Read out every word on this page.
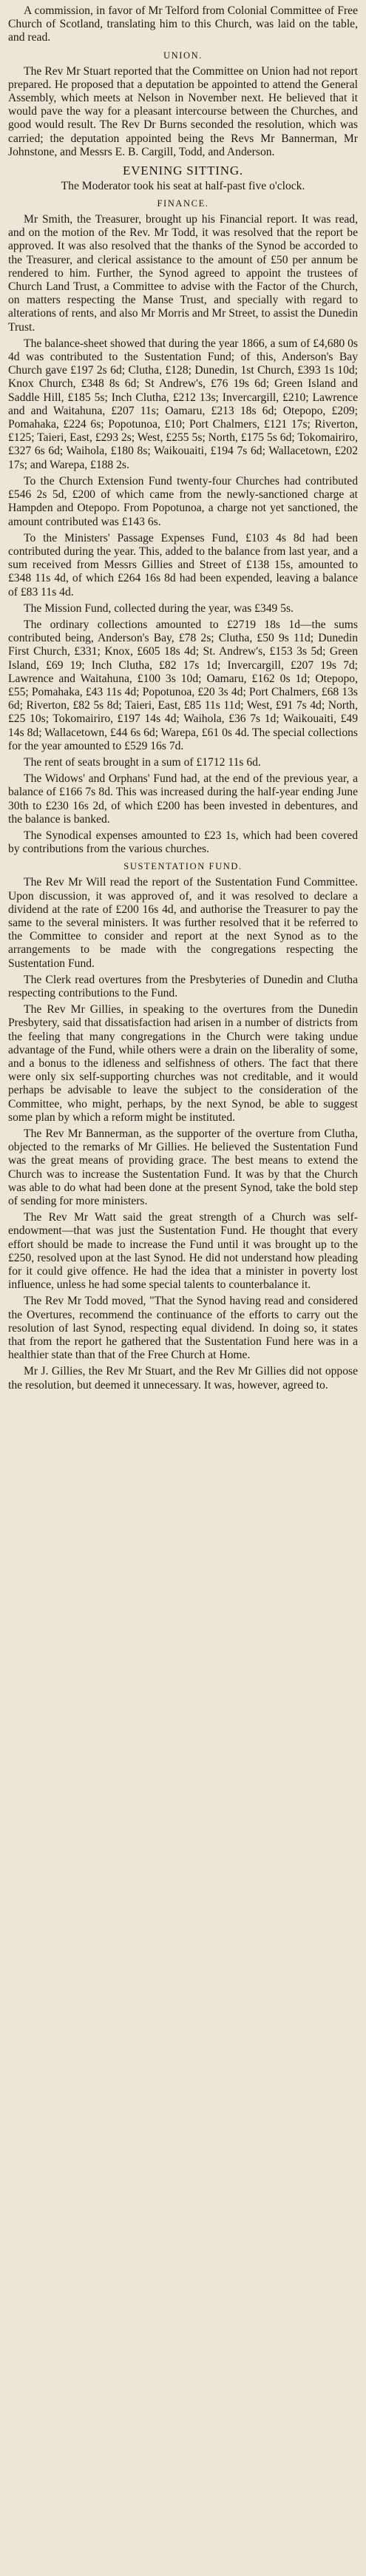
A commission, in favor of Mr Telford from Colonial Committee of Free Church of Scotland, translating him to this Church, was laid on the table, and read.

UNION.

The Rev Mr Stuart reported that the Committee on Union had not report prepared. He proposed that a deputation be appointed to attend the General Assembly, which meets at Nelson in November next. He believed that it would pave the way for a pleasant intercourse between the Churches, and good would result. The Rev Dr Burns seconded the resolution, which was carried; the deputation appointed being the Revs Mr Bannerman, Mr Johnstone, and Messrs E. B. Cargill, Todd, and Anderson.

EVENING SITTING.

The Moderator took his seat at half-past five o'clock.

FINANCE.

Mr Smith, the Treasurer, brought up his Financial report. It was read, and on the motion of the Rev. Mr Todd, it was resolved that the report be approved. It was also resolved that the thanks of the Synod be accorded to the Treasurer, and clerical assistance to the amount of £50 per annum be rendered to him. Further, the Synod agreed to appoint the trustees of Church Land Trust, a Committee to advise with the Factor of the Church, on matters respecting the Manse Trust, and specially with regard to alterations of rents, and also Mr Morris and Mr Street, to assist the Dunedin Trust.

The balance-sheet showed that during the year 1866, a sum of £4,680 0s 4d was contributed to the Sustentation Fund; of this, Anderson's Bay Church gave £197 2s 6d; Clutha, £128; Dunedin, 1st Church, £393 1s 10d; Knox Church, £348 8s 6d; St Andrew's, £76 19s 6d; Green Island and Saddle Hill, £185 5s; Inch Clutha, £212 13s; Invercargill, £210; Lawrence and and Waitahuna, £207 11s; Oamaru, £213 18s 6d; Otepopo, £209; Pomahaka, £224 6s; Popotunoa, £10; Port Chalmers, £121 17s; Riverton, £125; Taieri, East, £293 2s; West, £255 5s; North, £175 5s 6d; Tokomairiro, £327 6s 6d; Waihola, £180 8s; Waikouaiti, £194 7s 6d; Wallacetown, £202 17s; and Warepa, £188 2s.

To the Church Extension Fund twenty-four Churches had contributed £546 2s 5d, £200 of which came from the newly-sanctioned charge at Hampden and Otepopo. From Popotunoa, a charge not yet sanctioned, the amount contributed was £143 6s.

To the Ministers' Passage Expenses Fund, £103 4s 8d had been contributed during the year. This, added to the balance from last year, and a sum received from Messrs Gillies and Street of £138 15s, amounted to £348 11s 4d, of which £264 16s 8d had been expended, leaving a balance of £83 11s 4d.

The Mission Fund, collected during the year, was £349 5s.

The ordinary collections amounted to £2719 18s 1d—the sums contributed being, Anderson's Bay, £78 2s; Clutha, £50 9s 11d; Dunedin First Church, £331; Knox, £605 18s 4d; St. Andrew's, £153 3s 5d; Green Island, £69 19; Inch Clutha, £82 17s 1d; Invercargill, £207 19s 7d; Lawrence and Waitahuna, £100 3s 10d; Oamaru, £162 0s 1d; Otepopo, £55; Pomahaka, £43 11s 4d; Popotunoa, £20 3s 4d; Port Chalmers, £68 13s 6d; Riverton, £82 5s 8d; Taieri, East, £85 11s 11d; West, £91 7s 4d; North, £25 10s; Tokomairiro, £197 14s 4d; Waihola, £36 7s 1d; Waikouaiti, £49 14s 8d; Wallacetown, £44 6s 6d; Warepa, £61 0s 4d. The special collections for the year amounted to £529 16s 7d.

The rent of seats brought in a sum of £1712 11s 6d.

The Widows' and Orphans' Fund had, at the end of the previous year, a balance of £166 7s 8d. This was increased during the half-year ending June 30th to £230 16s 2d, of which £200 has been invested in debentures, and the balance is banked.

The Synodical expenses amounted to £23 1s, which had been covered by contributions from the various churches.

SUSTENTATION FUND.

The Rev Mr Will read the report of the Sustentation Fund Committee. Upon discussion, it was approved of, and it was resolved to declare a dividend at the rate of £200 16s 4d, and authorise the Treasurer to pay the same to the several ministers. It was further resolved that it be referred to the Committee to consider and report at the next Synod as to the arrangements to be made with the congregations respecting the Sustentation Fund.

The Clerk read overtures from the Presbyteries of Dunedin and Clutha respecting contributions to the Fund.

The Rev Mr Gillies, in speaking to the overtures from the Dunedin Presbytery, said that dissatisfaction had arisen in a number of districts from the feeling that many congregations in the Church were taking undue advantage of the Fund, while others were a drain on the liberality of some, and a bonus to the idleness and selfishness of others. The fact that there were only six self-supporting churches was not creditable, and it would perhaps be advisable to leave the subject to the consideration of the Committee, who might, perhaps, by the next Synod, be able to suggest some plan by which a reform might be instituted.

The Rev Mr Bannerman, as the supporter of the overture from Clutha, objected to the remarks of Mr Gillies. He believed the Sustentation Fund was the great means of providing grace. The best means to extend the Church was to increase the Sustentation Fund. It was by that the Church was able to do what had been done at the present Synod, take the bold step of sending for more ministers.

The Rev Mr Watt said the great strength of a Church was self-endowment—that was just the Sustentation Fund. He thought that every effort should be made to increase the Fund until it was brought up to the £250, resolved upon at the last Synod. He did not understand how pleading for it could give offence. He had the idea that a minister in poverty lost influence, unless he had some special talents to counterbalance it.

The Rev Mr Todd moved, "That the Synod having read and considered the Overtures, recommend the continuance of the efforts to carry out the resolution of last Synod, respecting equal dividend. In doing so, it states that from the report he gathered that the Sustentation Fund here was in a healthier state than that of the Free Church at Home.

Mr J. Gillies, the Rev Mr Stuart, and the Rev Mr Gillies did not oppose the resolution, but deemed it unnecessary. It was, however, agreed to.
